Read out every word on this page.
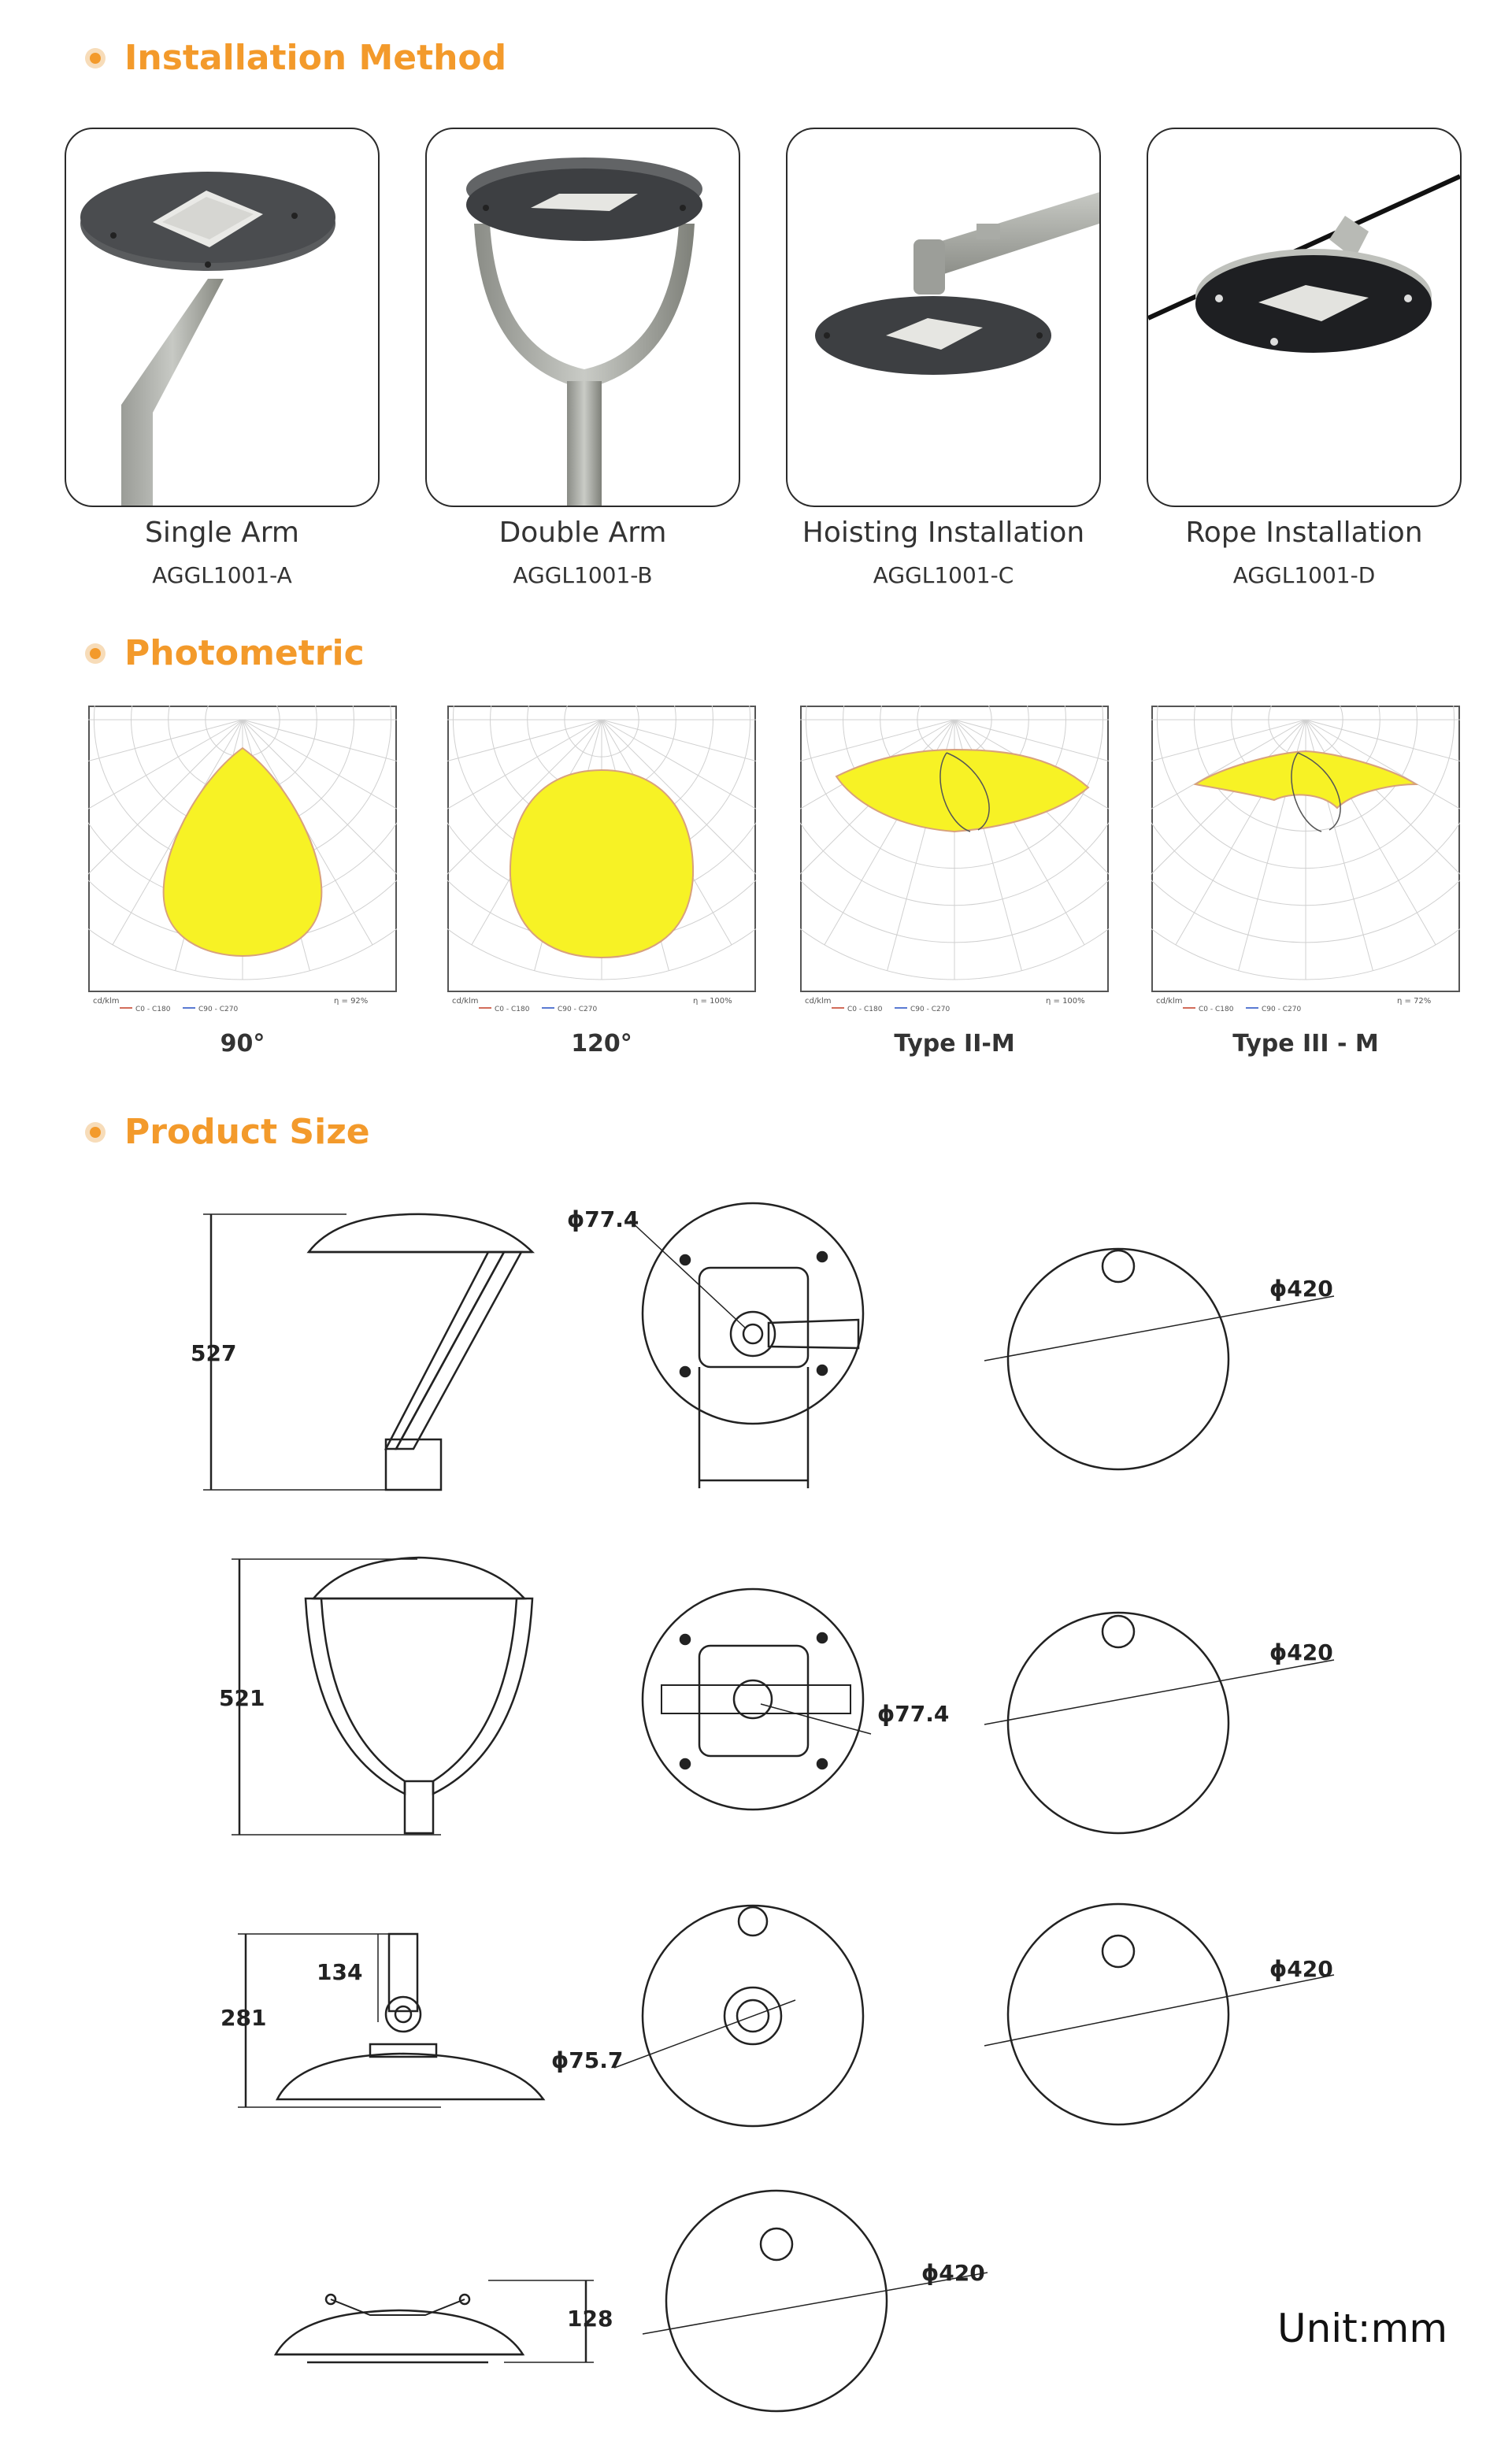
Installation Method
Single Arm
AGGL1001-A
Double Arm
AGGL1001-B
Hoisting Installation
AGGL1001-C
Rope Installation
AGGL1001-D
Photometric
cd/klm
C0 - C180	C90 - C270
η = 92%
90°
cd/klm
C0 - C180	C90 - C270
η = 100%
120°
cd/klm
C0 - C180	C90 - C270
η = 100%
Type II-M
cd/klm
C0 - C180	C90 - C270
η = 72%
Type III - M
Product Size
527
ϕ77.4
ϕ420
521
ϕ77.4
ϕ420
134
281
ϕ75.7
ϕ420
128
ϕ420
Unit:mm
